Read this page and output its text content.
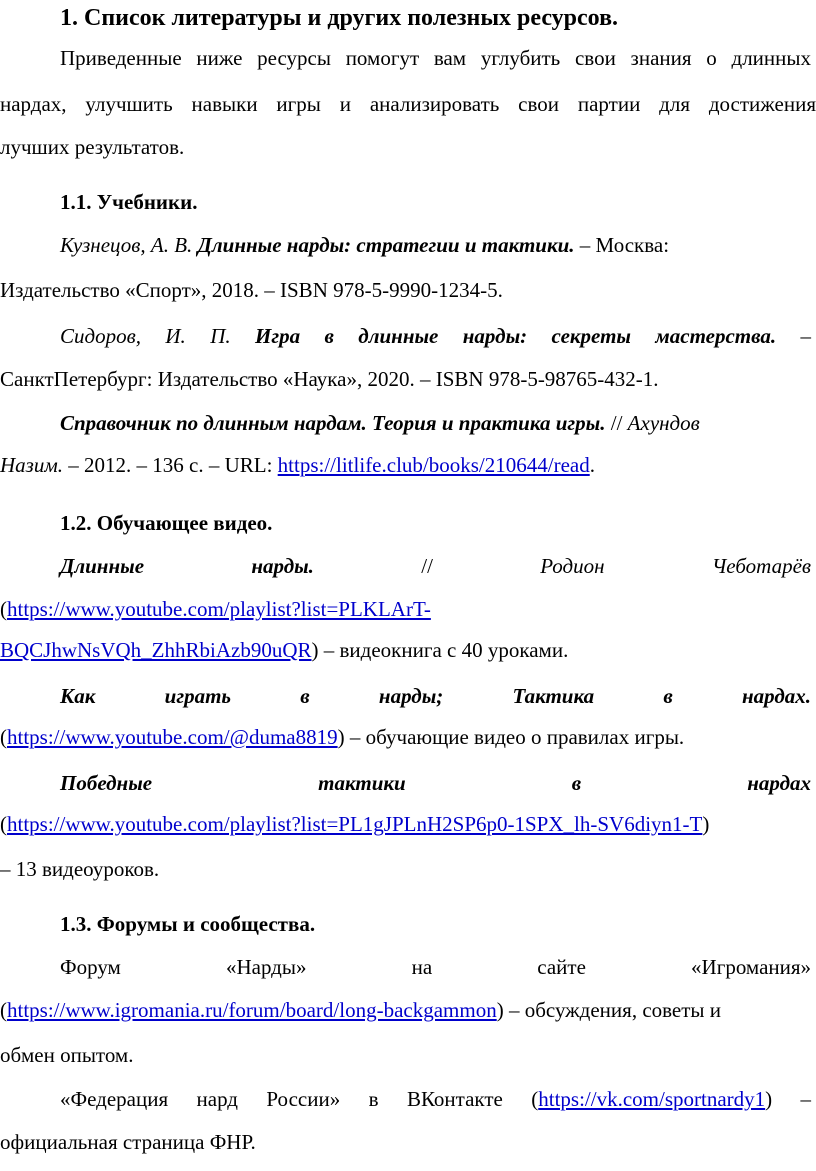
1. Список литературы и других полезных ресурсов.
Приведенные ниже ресурсы помогут вам углубить свои знания о длинных
нардах, улучшить навыки игры и анализировать свои партии для достижения
лучших результатов.
1.1. Учебники.
Кузнецов, А. В. Длинные нарды: стратегии и тактики. – Москва:
Издательство «Спорт», 2018. – ISBN 978-5-9990-1234-5.
Сидоров, И. П. Игра в длинные нарды: секреты мастерства. –
СанктПетербург: Издательство «Наука», 2020. – ISBN 978-5-98765-432-1.
Справочник по длинным нардам. Теория и практика игры. // Ахундов
Назим. – 2012. – 136 с. – URL: https://litlife.club/books/210644/read.
1.2. Обучающее видео.
Длинные	нарды.	//	Родион	Чеботарёв
(https://www.youtube.com/playlist?list=PLKLArT-
BQCJhwNsVQh_ZhhRbiAzb90uQR) – видеокнига с 40 уроками.
Как	играть	в	нарды;	Тактика	в	нардах.
(https://www.youtube.com/@duma8819) – обучающие видео о правилах игры.
Победные	тактики	в	нардах
(https://www.youtube.com/playlist?list=PL1gJPLnH2SP6p0-1SPX_lh-SV6diyn1-T)
– 13 видеоуроков.
1.3. Форумы и сообщества.
Форум	«Нарды»	на	сайте	«Игромания»
(https://www.igromania.ru/forum/board/long-backgammon) – обсуждения, советы и
обмен опытом.
«Федерация нард России» в ВКонтакте (https://vk.com/sportnardy1) –
официальная страница ФНР.
